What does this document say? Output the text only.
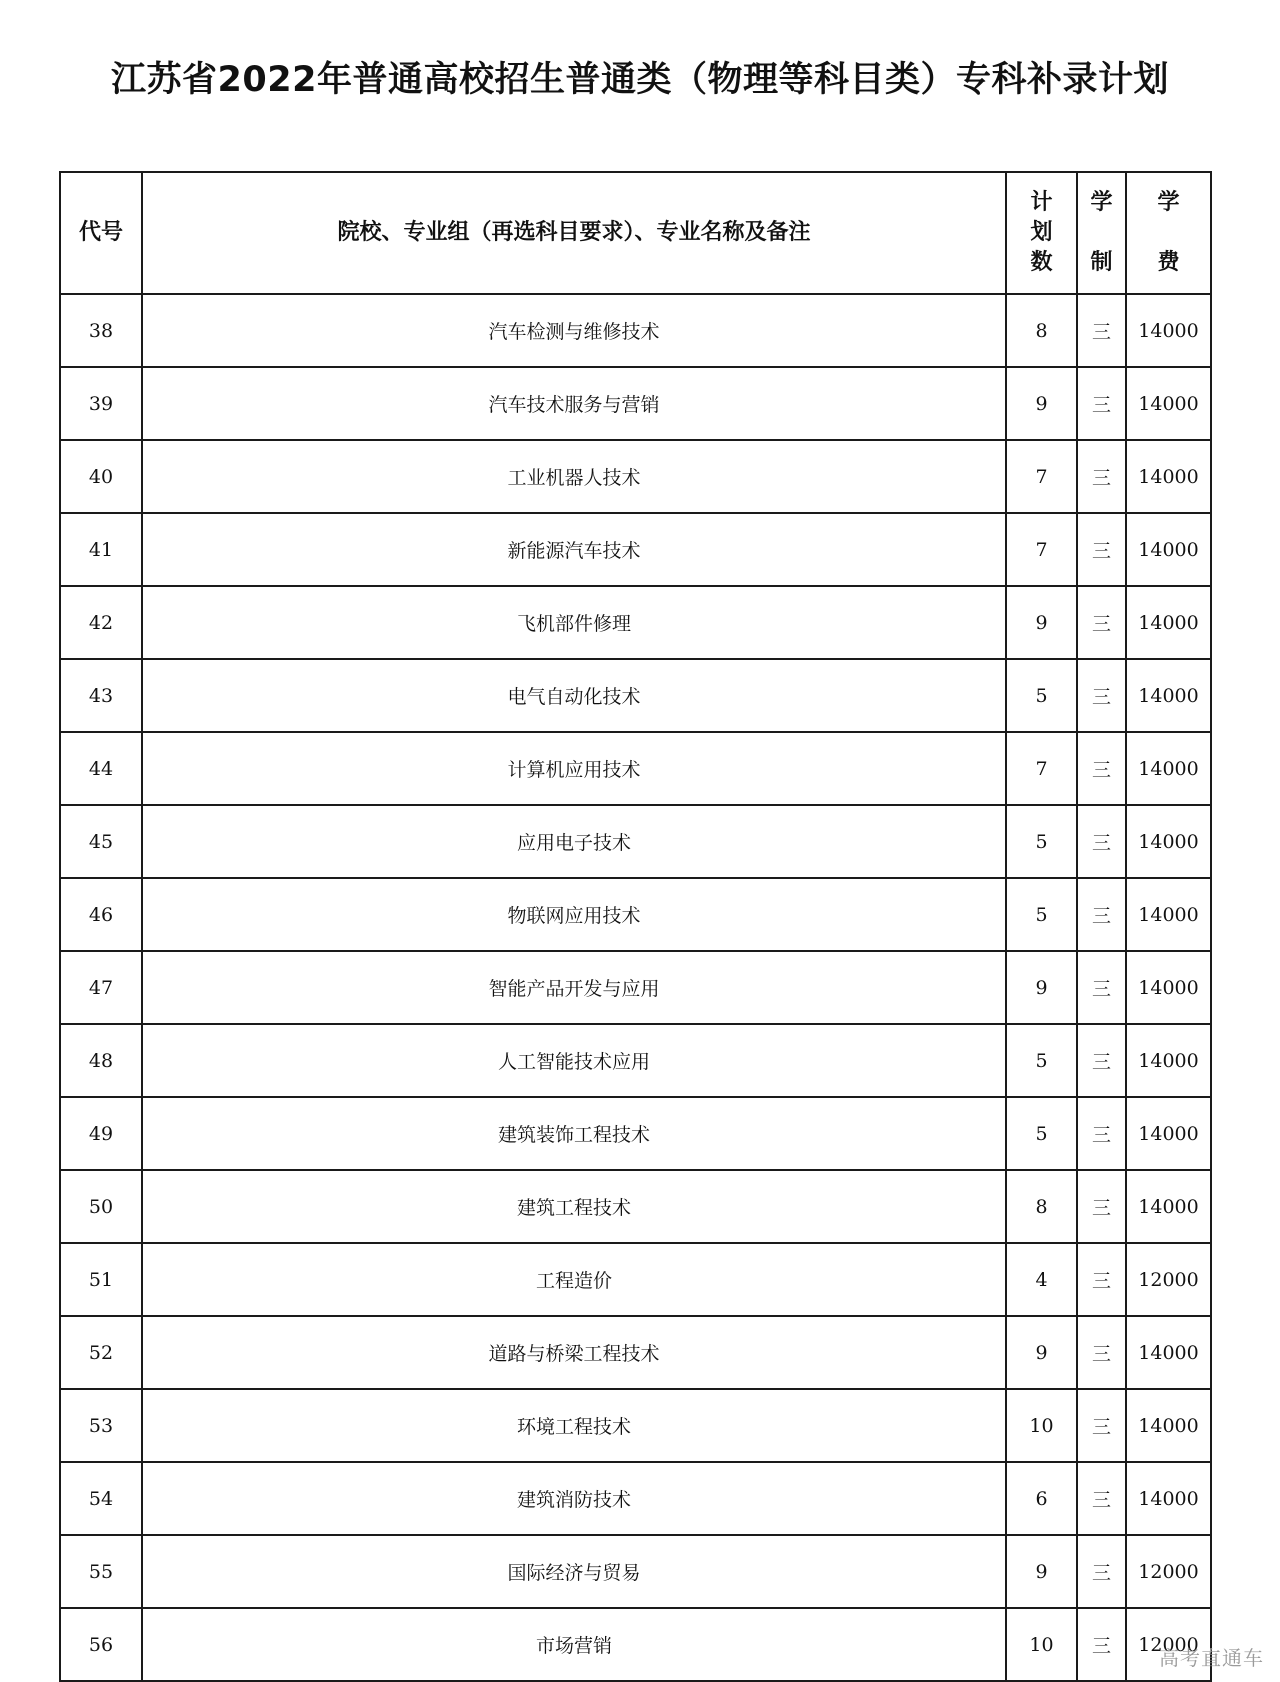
江苏省2022年普通高校招生普通类（物理等科目类）专科补录计划
代号	院校、专业组（再选科目要求）、专业名称及备注	计划数	学制	学费
38	汽车检测与维修技术	8	三	14000
39	汽车技术服务与营销	9	三	14000
40	工业机器人技术	7	三	14000
41	新能源汽车技术	7	三	14000
42	飞机部件修理	9	三	14000
43	电气自动化技术	5	三	14000
44	计算机应用技术	7	三	14000
45	应用电子技术	5	三	14000
46	物联网应用技术	5	三	14000
47	智能产品开发与应用	9	三	14000
48	人工智能技术应用	5	三	14000
49	建筑装饰工程技术	5	三	14000
50	建筑工程技术	8	三	14000
51	工程造价	4	三	12000
52	道路与桥梁工程技术	9	三	14000
53	环境工程技术	10	三	14000
54	建筑消防技术	6	三	14000
55	国际经济与贸易	9	三	12000
56	市场营销	10	三	12000
高考直通车
